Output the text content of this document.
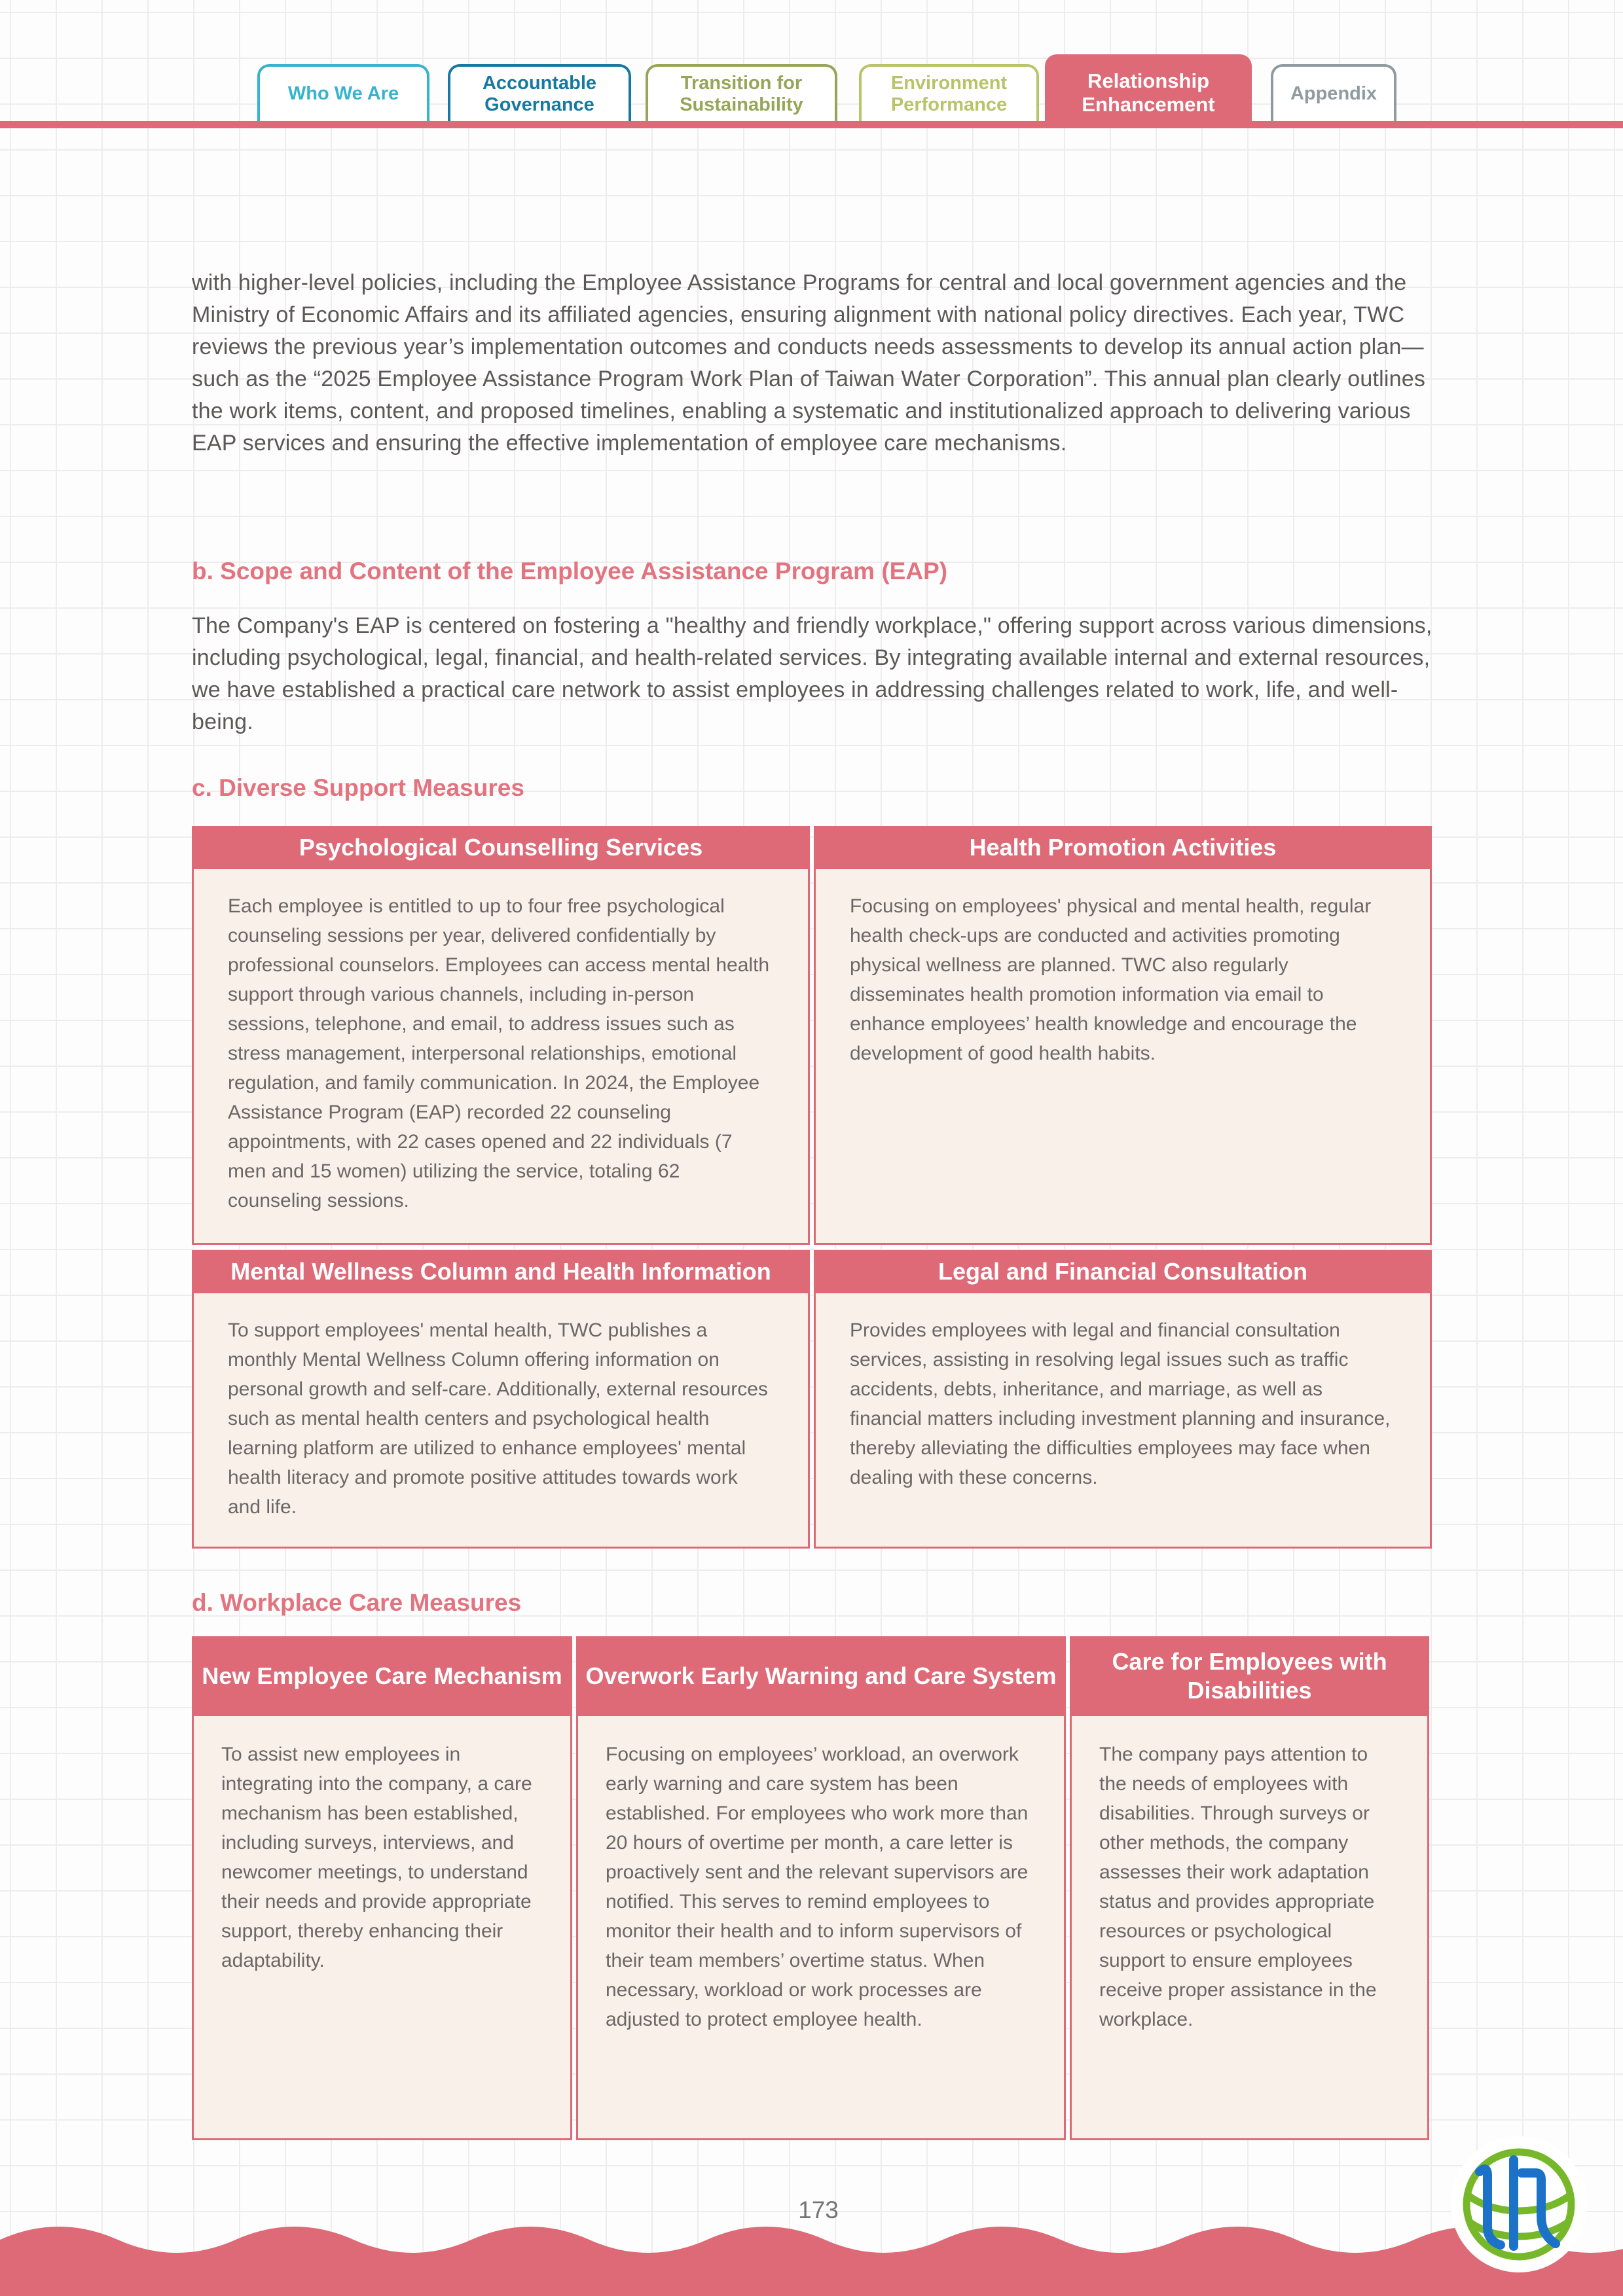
Who We Are
Accountable Governance
Transition for Sustainability
Environment Performance
Relationship Enhancement	Appendix
with higher-level policies, including the Employee Assistance Programs for central and local government agencies and the Ministry of Economic Affairs and its affiliated agencies, ensuring alignment with national policy directives. Each year, TWC reviews the previous year’s implementation outcomes and conducts needs assessments to develop its annual action plan—such as the “2025 Employee Assistance Program Work Plan of Taiwan Water Corporation”. This annual plan clearly outlines the work items, content, and proposed timelines, enabling a systematic and institutionalized approach to delivering various EAP services and ensuring the effective implementation of employee care mechanisms.
b. Scope and Content of the Employee Assistance Program (EAP)
The Company's EAP is centered on fostering a "healthy and friendly workplace," offering support across various dimensions, including psychological, legal, financial, and health-related services. By integrating available internal and external resources, we have established a practical care network to assist employees in addressing challenges related to work, life, and well-being.
c. Diverse Support Measures
Psychological Counselling Services
Each employee is entitled to up to four free psychological counseling sessions per year, delivered confidentially by professional counselors. Employees can access mental health support through various channels, including in-person sessions, telephone, and email, to address issues such as stress management, interpersonal relationships, emotional regulation, and family communication. In 2024, the Employee Assistance Program (EAP) recorded 22 counseling appointments, with 22 cases opened and 22 individuals (7 men and 15 women) utilizing the service, totaling 62 counseling sessions.
Health Promotion Activities
Focusing on employees' physical and mental health, regular health check-ups are conducted and activities promoting physical wellness are planned. TWC also regularly disseminates health promotion information via email to enhance employees’ health knowledge and encourage the development of good health habits.
Mental Wellness Column and Health Information
To support employees' mental health, TWC publishes a monthly Mental Wellness Column offering information on personal growth and self-care. Additionally, external resources such as mental health centers and psychological health learning platform are utilized to enhance employees' mental health literacy and promote positive attitudes towards work and life.
Legal and Financial Consultation
Provides employees with legal and financial consultation services, assisting in resolving legal issues such as traffic accidents, debts, inheritance, and marriage, as well as financial matters including investment planning and insurance, thereby alleviating the difficulties employees may face when dealing with these concerns.
d. Workplace Care Measures
New Employee Care Mechanism
To assist new employees in integrating into the company, a care mechanism has been established, including surveys, interviews, and newcomer meetings, to understand their needs and provide appropriate support, thereby enhancing their adaptability.
Overwork Early Warning and Care System
Focusing on employees’ workload, an overwork early warning and care system has been established. For employees who work more than 20 hours of overtime per month, a care letter is proactively sent and the relevant supervisors are notified. This serves to remind employees to monitor their health and to inform supervisors of their team members’ overtime status. When necessary, workload or work processes are adjusted to protect employee health.
Care for Employees with Disabilities
The company pays attention to the needs of employees with disabilities. Through surveys or other methods, the company assesses their work adaptation status and provides appropriate resources or psychological support to ensure employees receive proper assistance in the workplace.
173
